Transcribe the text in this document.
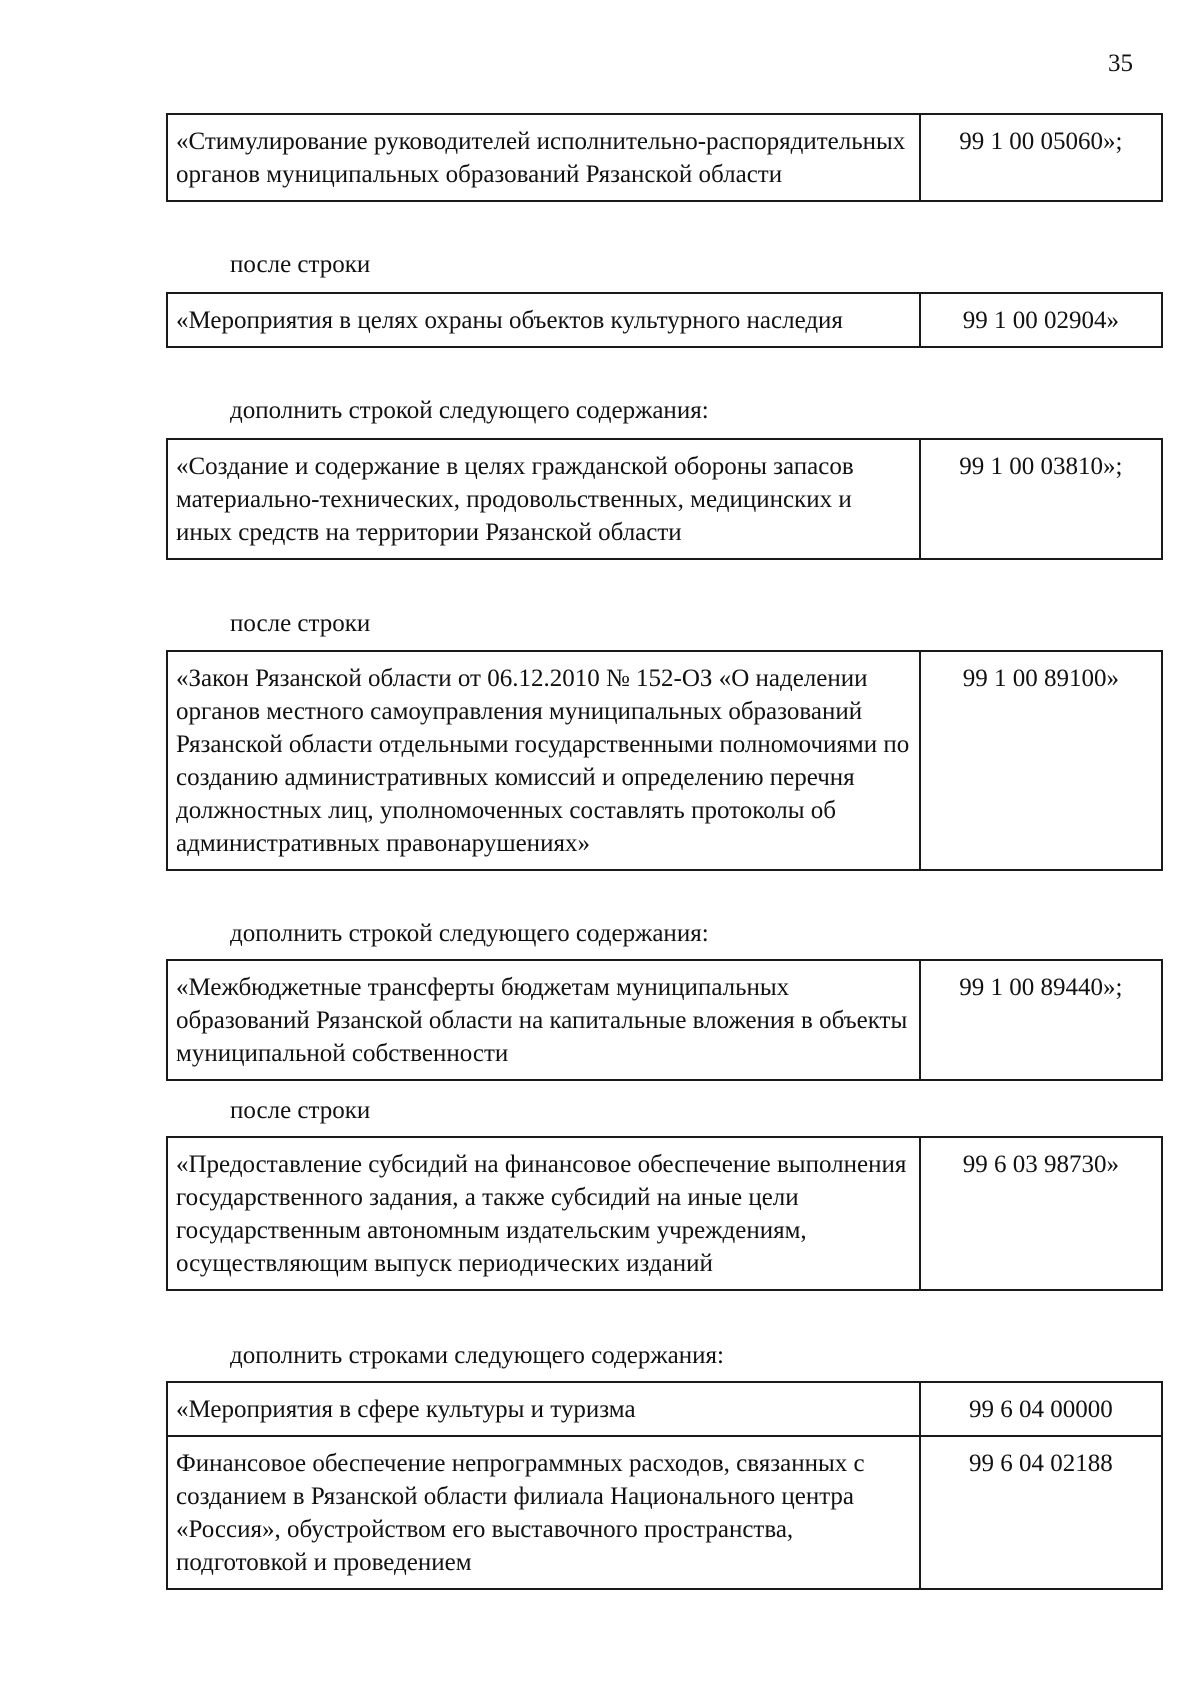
35
«Стимулирование руководителей исполнительно-распорядительных органов муниципальных образований Рязанской области	99 1 00 05060»;
после строки
«Мероприятия в целях охраны объектов культурного наследия	99 1 00 02904»
дополнить строкой следующего содержания:
«Создание и содержание в целях гражданской обороны запасов материально-технических, продовольственных, медицинских и иных средств на территории Рязанской области	99 1 00 03810»;
после строки
«Закон Рязанской области от 06.12.2010 № 152-ОЗ «О наделении органов местного самоуправления муниципальных образований Рязанской области отдельными государственными полномочиями по созданию административных комиссий и определению перечня должностных лиц, уполномоченных составлять протоколы об административных правонарушениях»	99 1 00 89100»
дополнить строкой следующего содержания:
«Межбюджетные трансферты бюджетам муниципальных образований Рязанской области на капитальные вложения в объекты муниципальной собственности	99 1 00 89440»;
после строки
«Предоставление субсидий на финансовое обеспечение выполнения государственного задания, а также субсидий на иные цели государственным автономным издательским учреждениям, осуществляющим выпуск периодических изданий	99 6 03 98730»
дополнить строками следующего содержания:
«Мероприятия в сфере культуры и туризма	99 6 04 00000
Финансовое обеспечение непрограммных расходов, связанных с созданием в Рязанской области филиала Национального центра «Россия», обустройством его выставочного пространства, подготовкой и проведением	99 6 04 02188
